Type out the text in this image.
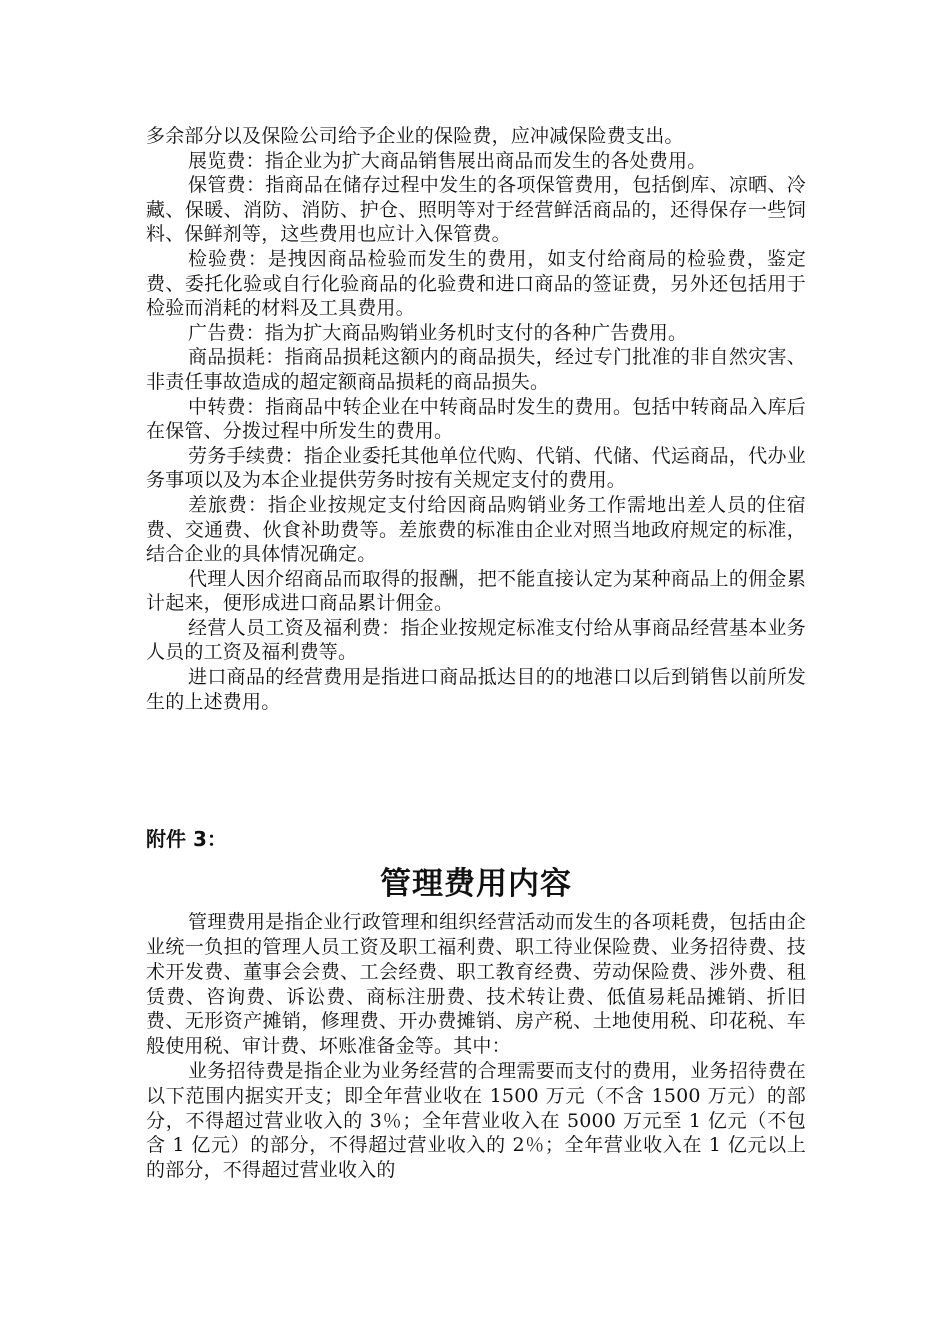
多余部分以及保险公司给予企业的保险费，应冲减保险费支出。

展览费：指企业为扩大商品销售展出商品而发生的各处费用。

保管费：指商品在储存过程中发生的各项保管费用，包括倒库、凉晒、冷藏、保暖、消防、消防、护仓、照明等对于经营鲜活商品的，还得保存一些饲料、保鲜剂等，这些费用也应计入保管费。

检验费：是拽因商品检验而发生的费用，如支付给商局的检验费，鉴定费、委托化验或自行化验商品的化验费和进口商品的签证费，另外还包括用于检验而消耗的材料及工具费用。

广告费：指为扩大商品购销业务机时支付的各种广告费用。

商品损耗：指商品损耗这额内的商品损失，经过专门批准的非自然灾害、非责任事故造成的超定额商品损耗的商品损失。

中转费：指商品中转企业在中转商品时发生的费用。包括中转商品入库后在保管、分拨过程中所发生的费用。

劳务手续费：指企业委托其他单位代购、代销、代储、代运商品，代办业务事项以及为本企业提供劳务时按有关规定支付的费用。

差旅费：指企业按规定支付给因商品购销业务工作需地出差人员的住宿费、交通费、伙食补助费等。差旅费的标准由企业对照当地政府规定的标准，结合企业的具体情况确定。

代理人因介绍商品而取得的报酬，把不能直接认定为某种商品上的佣金累计起来，便形成进口商品累计佣金。

经营人员工资及福利费：指企业按规定标准支付给从事商品经营基本业务人员的工资及福利费等。

进口商品的经营费用是指进口商品抵达目的的地港口以后到销售以前所发生的上述费用。

附件 3：

管理费用内容

管理费用是指企业行政管理和组织经营活动而发生的各项耗费，包括由企业统一负担的管理人员工资及职工福利费、职工待业保险费、业务招待费、技术开发费、董事会会费、工会经费、职工教育经费、劳动保险费、涉外费、租赁费、咨询费、诉讼费、商标注册费、技术转让费、低值易耗品摊销、折旧费、无形资产摊销，修理费、开办费摊销、房产税、土地使用税、印花税、车般使用税、审计费、坏账准备金等。其中：

业务招待费是指企业为业务经营的合理需要而支付的费用，业务招待费在以下范围内据实开支；即全年营业收在 1500 万元（不含 1500 万元）的部分，不得超过营业收入的 3％；全年营业收入在 5000 万元至 1 亿元（不包含 1 亿元）的部分，不得超过营业收入的 2％；全年营业收入在 1 亿元以上的部分，不得超过营业收入的
